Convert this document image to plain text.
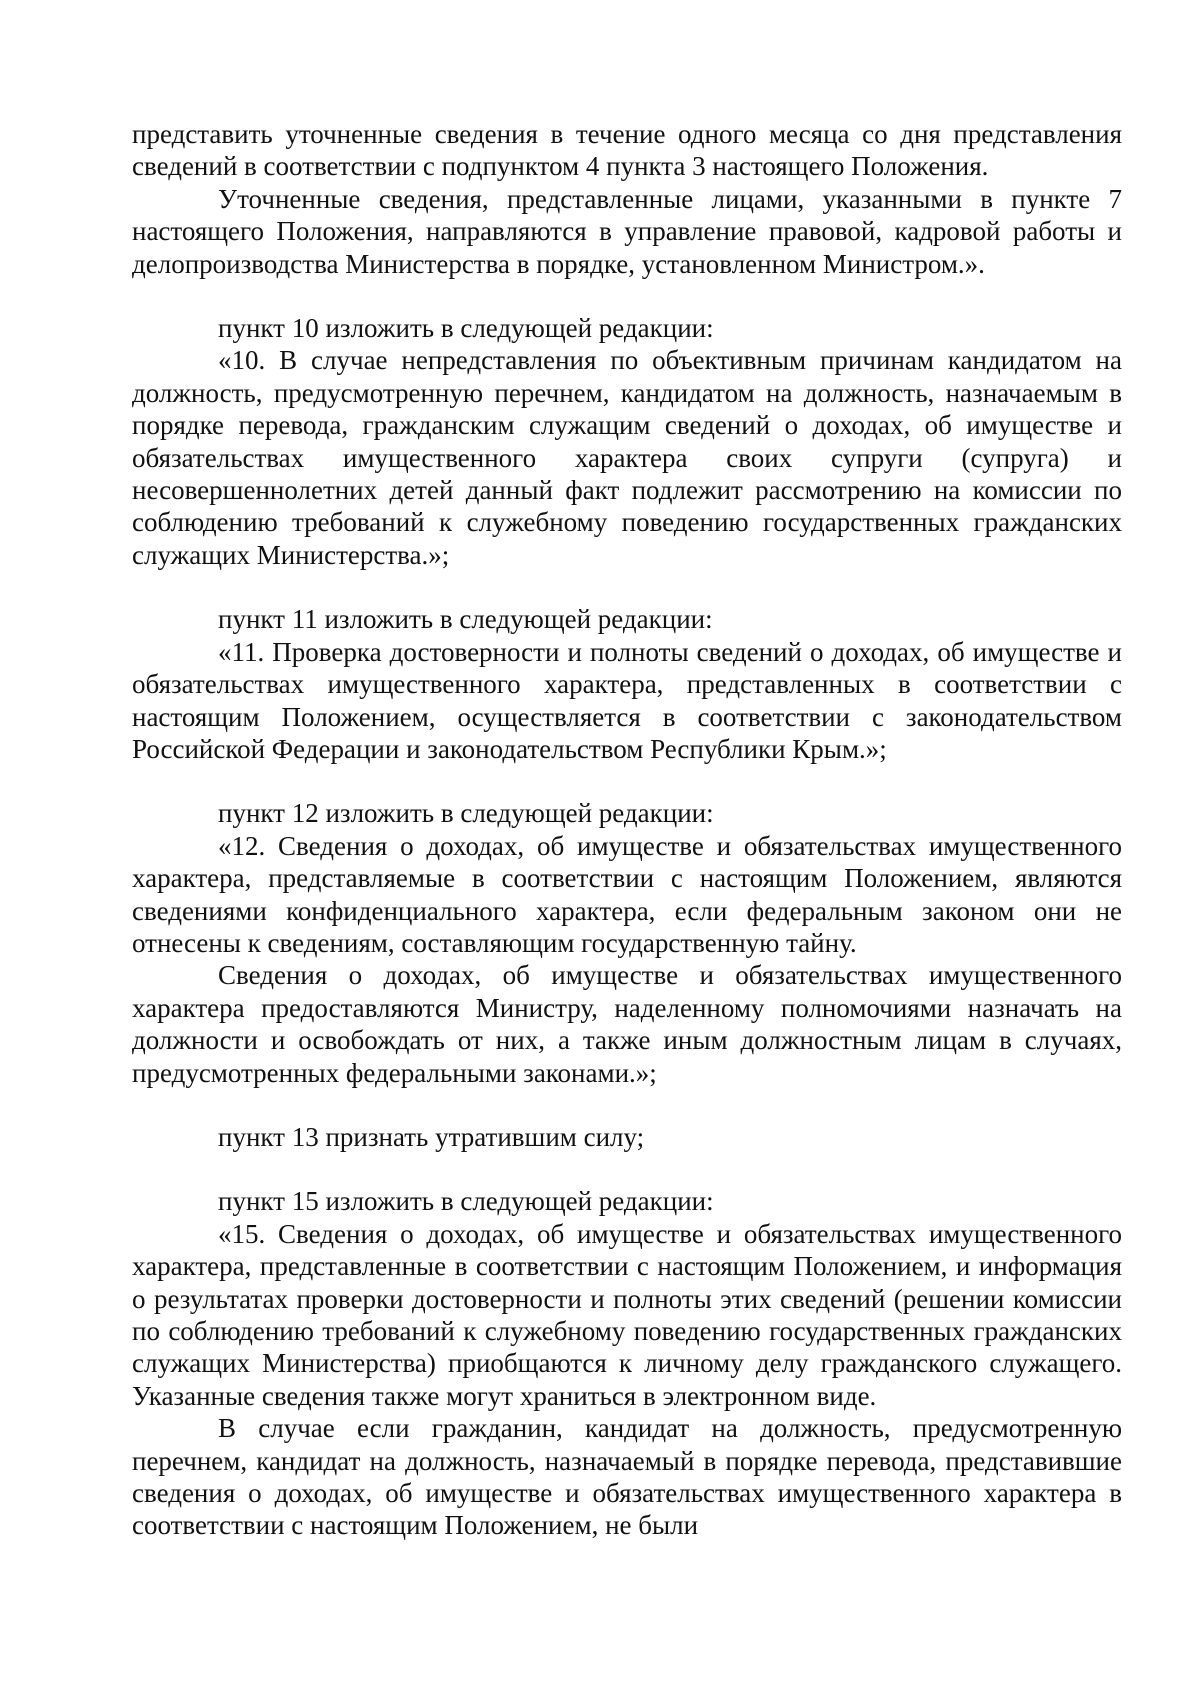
представить уточненные сведения в течение одного месяца со дня представления сведений в соответствии с подпунктом 4 пункта 3 настоящего Положения.

Уточненные сведения, представленные лицами, указанными в пункте 7 настоящего Положения, направляются в управление правовой, кадровой работы и делопроизводства Министерства в порядке, установленном Министром.».

пункт 10 изложить в следующей редакции:

«10. В случае непредставления по объективным причинам кандидатом на должность, предусмотренную перечнем, кандидатом на должность, назначаемым в порядке перевода, гражданским служащим сведений о доходах, об имуществе и обязательствах имущественного характера своих супруги (супруга) и несовершеннолетних детей данный факт подлежит рассмотрению на комиссии по соблюдению требований к служебному поведению государственных гражданских служащих Министерства.»;

пункт 11 изложить в следующей редакции:

«11. Проверка достоверности и полноты сведений о доходах, об имуществе и обязательствах имущественного характера, представленных в соответствии с настоящим Положением, осуществляется в соответствии с законодательством Российской Федерации и законодательством Республики Крым.»;

пункт 12 изложить в следующей редакции:

«12. Сведения о доходах, об имуществе и обязательствах имущественного характера, представляемые в соответствии с настоящим Положением, являются сведениями конфиденциального характера, если федеральным законом они не отнесены к сведениям, составляющим государственную тайну.

Сведения о доходах, об имуществе и обязательствах имущественного характера предоставляются Министру, наделенному полномочиями назначать на должности и освобождать от них, а также иным должностным лицам в случаях, предусмотренных федеральными законами.»;

пункт 13 признать утратившим силу;

пункт 15 изложить в следующей редакции:

«15. Сведения о доходах, об имуществе и обязательствах имущественного характера, представленные в соответствии с настоящим Положением, и информация о результатах проверки достоверности и полноты этих сведений (решении комиссии по соблюдению требований к служебному поведению государственных гражданских служащих Министерства) приобщаются к личному делу гражданского служащего. Указанные сведения также могут храниться в электронном виде.

В случае если гражданин, кандидат на должность, предусмотренную перечнем, кандидат на должность, назначаемый в порядке перевода, представившие сведения о доходах, об имуществе и обязательствах имущественного характера в соответствии с настоящим Положением, не были
